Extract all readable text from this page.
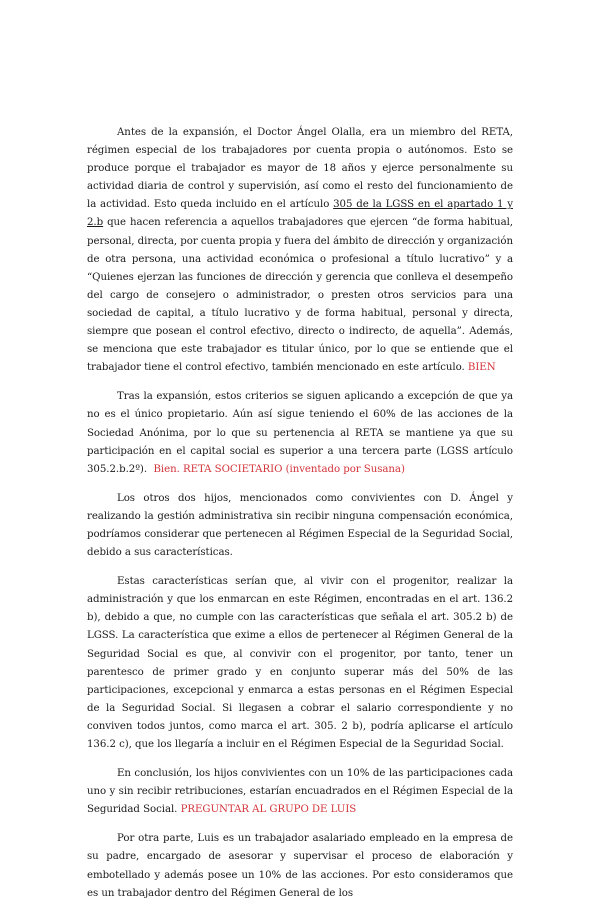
Antes de la expansión, el Doctor Ángel Olalla, era un miembro del RETA, régimen especial de los trabajadores por cuenta propia o autónomos. Esto se produce porque el trabajador es mayor de 18 años y ejerce personalmente su actividad diaria de control y supervisión, así como el resto del funcionamiento de la actividad. Esto queda incluido en el artículo 305 de la LGSS en el apartado 1 y 2.b que hacen referencia a aquellos trabajadores que ejercen “de forma habitual, personal, directa, por cuenta propia y fuera del ámbito de dirección y organización de otra persona, una actividad económica o profesional a título lucrativo” y a “Quienes ejerzan las funciones de dirección y gerencia que conlleva el desempeño del cargo de consejero o administrador, o presten otros servicios para una sociedad de capital, a título lucrativo y de forma habitual, personal y directa, siempre que posean el control efectivo, directo o indirecto, de aquella”. Además, se menciona que este trabajador es titular único, por lo que se entiende que el trabajador tiene el control efectivo, también mencionado en este artículo. BIEN

Tras la expansión, estos criterios se siguen aplicando a excepción de que ya no es el único propietario. Aún así sigue teniendo el 60% de las acciones de la Sociedad Anónima, por lo que su pertenencia al RETA se mantiene ya que su participación en el capital social es superior a una tercera parte (LGSS artículo 305.2.b.2º). Bien. RETA SOCIETARIO (inventado por Susana)

Los otros dos hijos, mencionados como convivientes con D. Ángel y realizando la gestión administrativa sin recibir ninguna compensación económica, podríamos considerar que pertenecen al Régimen Especial de la Seguridad Social, debido a sus características.

Estas características serían que, al vivir con el progenitor, realizar la administración y que los enmarcan en este Régimen, encontradas en el art. 136.2 b), debido a que, no cumple con las características que señala el art. 305.2 b) de LGSS. La característica que exime a ellos de pertenecer al Régimen General de la Seguridad Social es que, al convivir con el progenitor, por tanto, tener un parentesco de primer grado y en conjunto superar más del 50% de las participaciones, excepcional y enmarca a estas personas en el Régimen Especial de la Seguridad Social. Si llegasen a cobrar el salario correspondiente y no conviven todos juntos, como marca el art. 305. 2 b), podría aplicarse el artículo 136.2 c), que los llegaría a incluir en el Régimen Especial de la Seguridad Social.

En conclusión, los hijos convivientes con un 10% de las participaciones cada uno y sin recibir retribuciones, estarían encuadrados en el Régimen Especial de la Seguridad Social. PREGUNTAR AL GRUPO DE LUIS

Por otra parte, Luis es un trabajador asalariado empleado en la empresa de su padre, encargado de asesorar y supervisar el proceso de elaboración y embotellado y además posee un 10% de las acciones. Por esto consideramos que es un trabajador dentro del Régimen General de los
